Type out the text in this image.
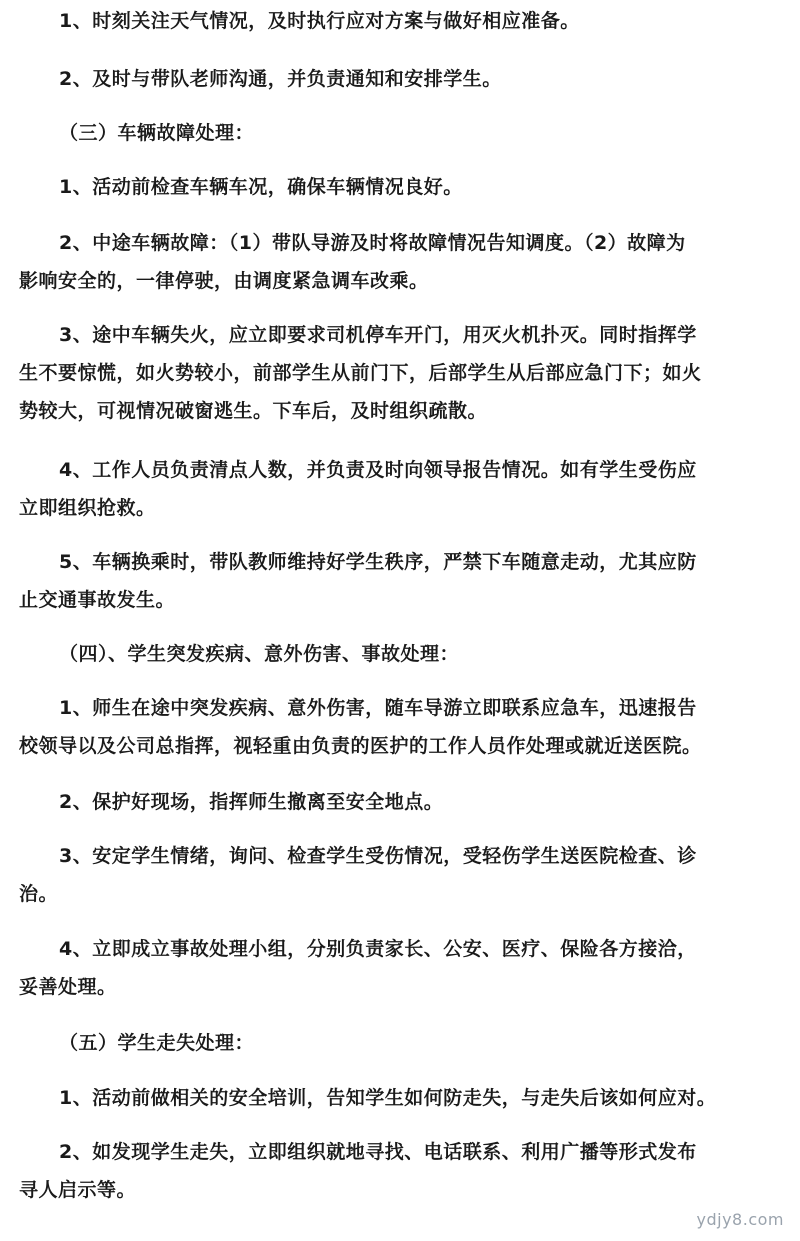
1、时刻关注天气情况，及时执行应对方案与做好相应准备。
2、及时与带队老师沟通，并负责通知和安排学生。
（三）车辆故障处理：
1、活动前检查车辆车况，确保车辆情况良好。
2、中途车辆故障：（1）带队导游及时将故障情况告知调度。（2）故障为
影响安全的，一律停驶，由调度紧急调车改乘。
3、途中车辆失火，应立即要求司机停车开门，用灭火机扑灭。同时指挥学
生不要惊慌，如火势较小，前部学生从前门下，后部学生从后部应急门下；如火
势较大，可视情况破窗逃生。下车后，及时组织疏散。
4、工作人员负责清点人数，并负责及时向领导报告情况。如有学生受伤应
立即组织抢救。
5、车辆换乘时，带队教师维持好学生秩序，严禁下车随意走动，尤其应防
止交通事故发生。
（四）、学生突发疾病、意外伤害、事故处理：
1、师生在途中突发疾病、意外伤害，随车导游立即联系应急车，迅速报告
校领导以及公司总指挥，视轻重由负责的医护的工作人员作处理或就近送医院。
2、保护好现场，指挥师生撤离至安全地点。
3、安定学生情绪，询问、检查学生受伤情况，受轻伤学生送医院检查、诊
治。
4、立即成立事故处理小组，分别负责家长、公安、医疗、保险各方接洽，
妥善处理。
（五）学生走失处理：
1、活动前做相关的安全培训，告知学生如何防走失，与走失后该如何应对。
2、如发现学生走失，立即组织就地寻找、电话联系、利用广播等形式发布
寻人启示等。
ydjy8.com
